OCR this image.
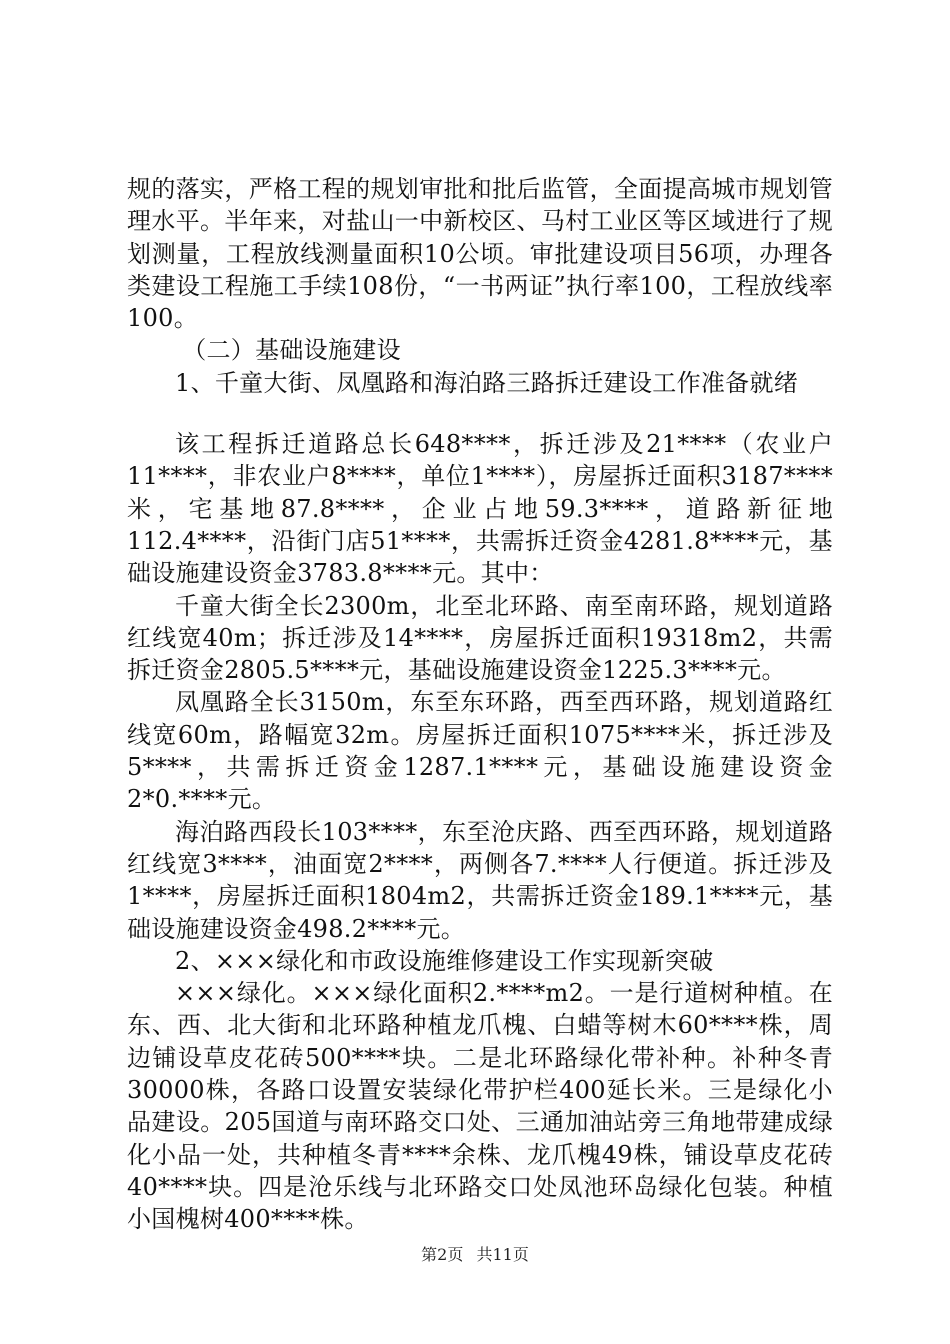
规的落实，严格工程的规划审批和批后监管，全面提高城市规划管理水平。半年来，对盐山一中新校区、马村工业区等区域进行了规划测量，工程放线测量面积10公顷。审批建设项目56项，办理各类建设工程施工手续108份，“一书两证”执行率100，工程放线率100。

（二）基础设施建设

1、千童大街、凤凰路和海泊路三路拆迁建设工作准备就绪

该工程拆迁道路总长648****，拆迁涉及21****（农业户11****，非农业户8****，单位1****），房屋拆迁面积3187****米，宅基地87.8****，企业占地59.3****，道路新征地112.4****，沿街门店51****，共需拆迁资金4281.8****元，基础设施建设资金3783.8****元。其中：

千童大街全长2300m，北至北环路、南至南环路，规划道路红线宽40m；拆迁涉及14****，房屋拆迁面积19318m2，共需拆迁资金2805.5****元，基础设施建设资金1225.3****元。

凤凰路全长3150m，东至东环路，西至西环路，规划道路红线宽60m，路幅宽32m。房屋拆迁面积1075****米，拆迁涉及5****，共需拆迁资金1287.1****元，基础设施建设资金2*0.****元。

海泊路西段长103****，东至沧庆路、西至西环路，规划道路红线宽3****，油面宽2****，两侧各7.****人行便道。拆迁涉及1****，房屋拆迁面积1804m2，共需拆迁资金189.1****元，基础设施建设资金498.2****元。

2、×××绿化和市政设施维修建设工作实现新突破

×××绿化。×××绿化面积2.****m2。一是行道树种植。在东、西、北大街和北环路种植龙爪槐、白蜡等树木60****株，周边铺设草皮花砖500****块。二是北环路绿化带补种。补种冬青30000株，各路口设置安装绿化带护栏400延长米。三是绿化小品建设。205国道与南环路交口处、三通加油站旁三角地带建成绿化小品一处，共种植冬青****余株、龙爪槐49株，铺设草皮花砖40****块。四是沧乐线与北环路交口处凤池环岛绿化包装。种植小国槐树400****株。

第2页 共11页
